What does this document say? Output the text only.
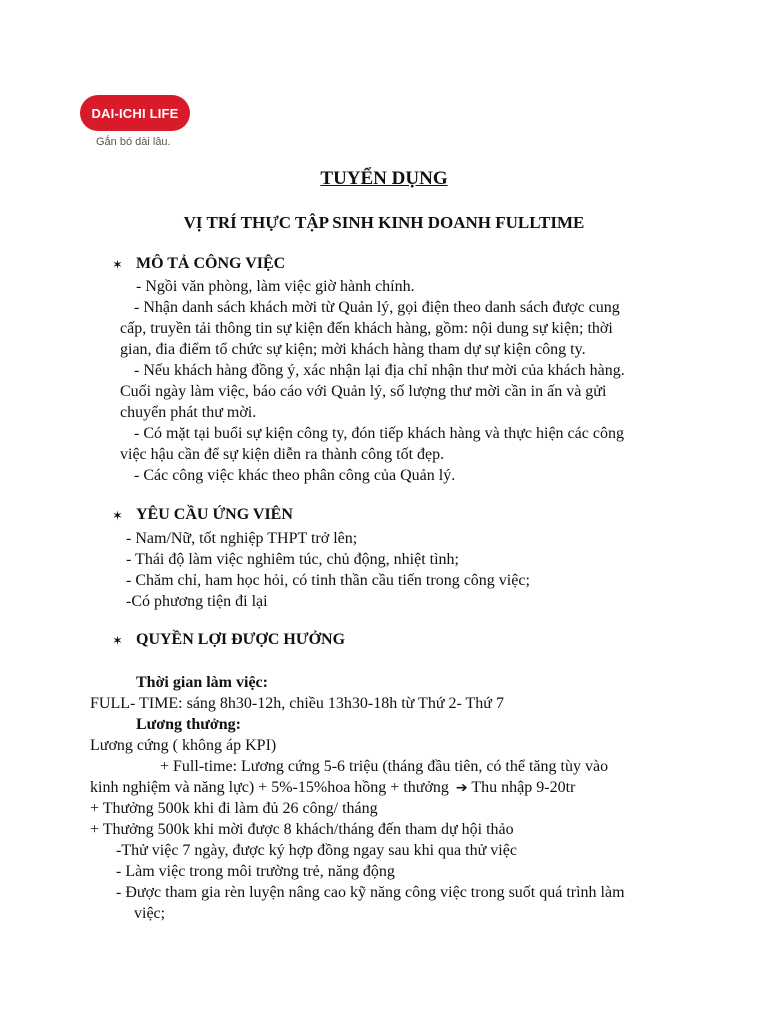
DAI-ICHI LIFE
Gắn bó dài lâu.
TUYỂN DỤNG
VỊ TRÍ THỰC TẬP SINH KINH DOANH FULLTIME
✶ MÔ TẢ CÔNG VIỆC
- Ngồi văn phòng, làm việc giờ hành chính.
- Nhận danh sách khách mời từ Quản lý, gọi điện theo danh sách được cung
cấp, truyền tải thông tin sự kiện đến khách hàng, gồm: nội dung sự kiện; thời
gian, đia điểm tổ chức sự kiện; mời khách hàng tham dự sự kiện công ty.
- Nếu khách hàng đồng ý, xác nhận lại địa chỉ nhận thư mời của khách hàng.
Cuối ngày làm việc, báo cáo với Quản lý, số lượng thư mời cần in ấn và gửi
chuyển phát thư mời.
- Có mặt tại buổi sự kiện công ty, đón tiếp khách hàng và thực hiện các công
việc hậu cần để sự kiện diễn ra thành công tốt đẹp.
- Các công việc khác theo phân công của Quản lý.
✶ YÊU CẦU ỨNG VIÊN
- Nam/Nữ, tốt nghiệp THPT trở lên;
- Thái độ làm việc nghiêm túc, chủ động, nhiệt tình;
- Chăm chỉ, ham học hỏi, có tinh thần cầu tiến trong công việc;
-Có phương tiện đi lại
✶ QUYỀN LỢI ĐƯỢC HƯỞNG
Thời gian làm việc:
FULL- TIME: sáng 8h30-12h, chiều 13h30-18h từ Thứ 2- Thứ 7
Lương thưởng:
Lương cứng ( không áp KPI)
+ Full-time: Lương cứng 5-6 triệu (tháng đầu tiên, có thể tăng tùy vào
kinh nghiệm và năng lực) + 5%-15%hoa hồng + thưởng ➔ Thu nhập 9-20tr
+ Thưởng 500k khi đi làm đủ 26 công/ tháng
+ Thưởng 500k khi mời được 8 khách/tháng đến tham dự hội thảo
-Thử việc 7 ngày, được ký hợp đồng ngay sau khi qua thử việc
- Làm việc trong môi trường trẻ, năng động
- Được tham gia rèn luyện nâng cao kỹ năng công việc trong suốt quá trình làm
việc;
